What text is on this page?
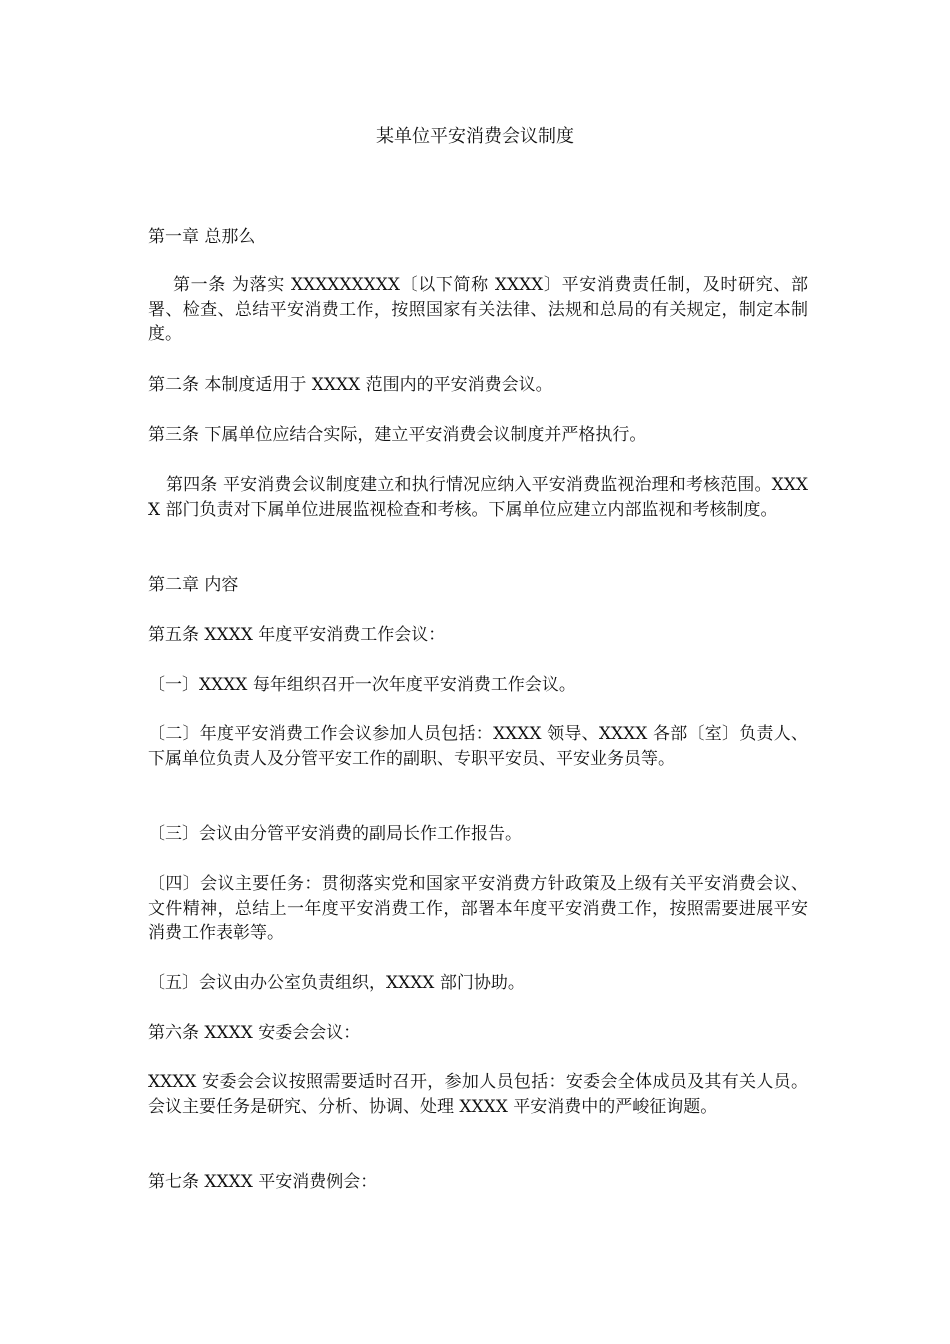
某单位平安消费会议制度
第一章 总那么
第一条 为落实 XXXXXXXXX〔以下简称 XXXX〕平安消费责任制，及时研究、部署、检查、总结平安消费工作，按照国家有关法律、法规和总局的有关规定，制定本制度。
第二条 本制度适用于 XXXX 范围内的平安消费会议。
第三条 下属单位应结合实际，建立平安消费会议制度并严格执行。
第四条 平安消费会议制度建立和执行情况应纳入平安消费监视治理和考核范围。XXXX 部门负责对下属单位进展监视检查和考核。下属单位应建立内部监视和考核制度。
第二章 内容
第五条 XXXX 年度平安消费工作会议：
〔一〕XXXX 每年组织召开一次年度平安消费工作会议。
〔二〕年度平安消费工作会议参加人员包括：XXXX 领导、XXXX 各部〔室〕负责人、下属单位负责人及分管平安工作的副职、专职平安员、平安业务员等。
〔三〕会议由分管平安消费的副局长作工作报告。
〔四〕会议主要任务：贯彻落实党和国家平安消费方针政策及上级有关平安消费会议、文件精神，总结上一年度平安消费工作，部署本年度平安消费工作，按照需要进展平安消费工作表彰等。
〔五〕会议由办公室负责组织，XXXX 部门协助。
第六条 XXXX 安委会会议：
XXXX 安委会会议按照需要适时召开，参加人员包括：安委会全体成员及其有关人员。会议主要任务是研究、分析、协调、处理 XXXX 平安消费中的严峻征询题。
第七条 XXXX 平安消费例会：
